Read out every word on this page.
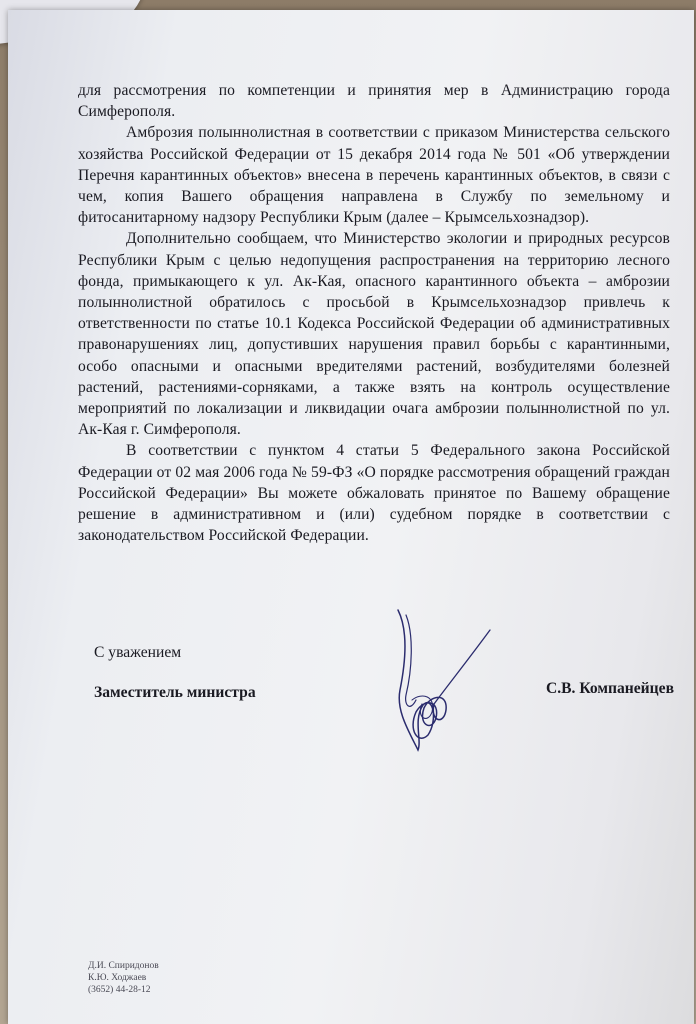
для рассмотрения по компетенции и принятия мер в Администрацию города Симферополя.

Амброзия полыннолистная в соответствии с приказом Министерства сельского хозяйства Российской Федерации от 15 декабря 2014 года № 501 «Об утверждении Перечня карантинных объектов» внесена в перечень карантинных объектов, в связи с чем, копия Вашего обращения направлена в Службу по земельному и фитосанитарному надзору Республики Крым (далее – Крымсельхознадзор).

Дополнительно сообщаем, что Министерство экологии и природных ресурсов Республики Крым с целью недопущения распространения на территорию лесного фонда, примыкающего к ул. Ак-Кая, опасного карантинного объекта – амброзии полыннолистной обратилось с просьбой в Крымсельхознадзор привлечь к ответственности по статье 10.1 Кодекса Российской Федерации об административных правонарушениях лиц, допустивших нарушения правил борьбы с карантинными, особо опасными и опасными вредителями растений, возбудителями болезней растений, растениями-сорняками, а также взять на контроль осуществление мероприятий по локализации и ликвидации очага амброзии полыннолистной по ул. Ак-Кая г. Симферополя.

В соответствии с пунктом 4 статьи 5 Федерального закона Российской Федерации от 02 мая 2006 года № 59-ФЗ «О порядке рассмотрения обращений граждан Российской Федерации» Вы можете обжаловать принятое по Вашему обращение решение в административном и (или) судебном порядке в соответствии с законодательством Российской Федерации.

С уважением
Заместитель министра	С.В. Компанейцев
Д.И. Спиридонов
К.Ю. Ходжаев
(3652) 44-28-12
